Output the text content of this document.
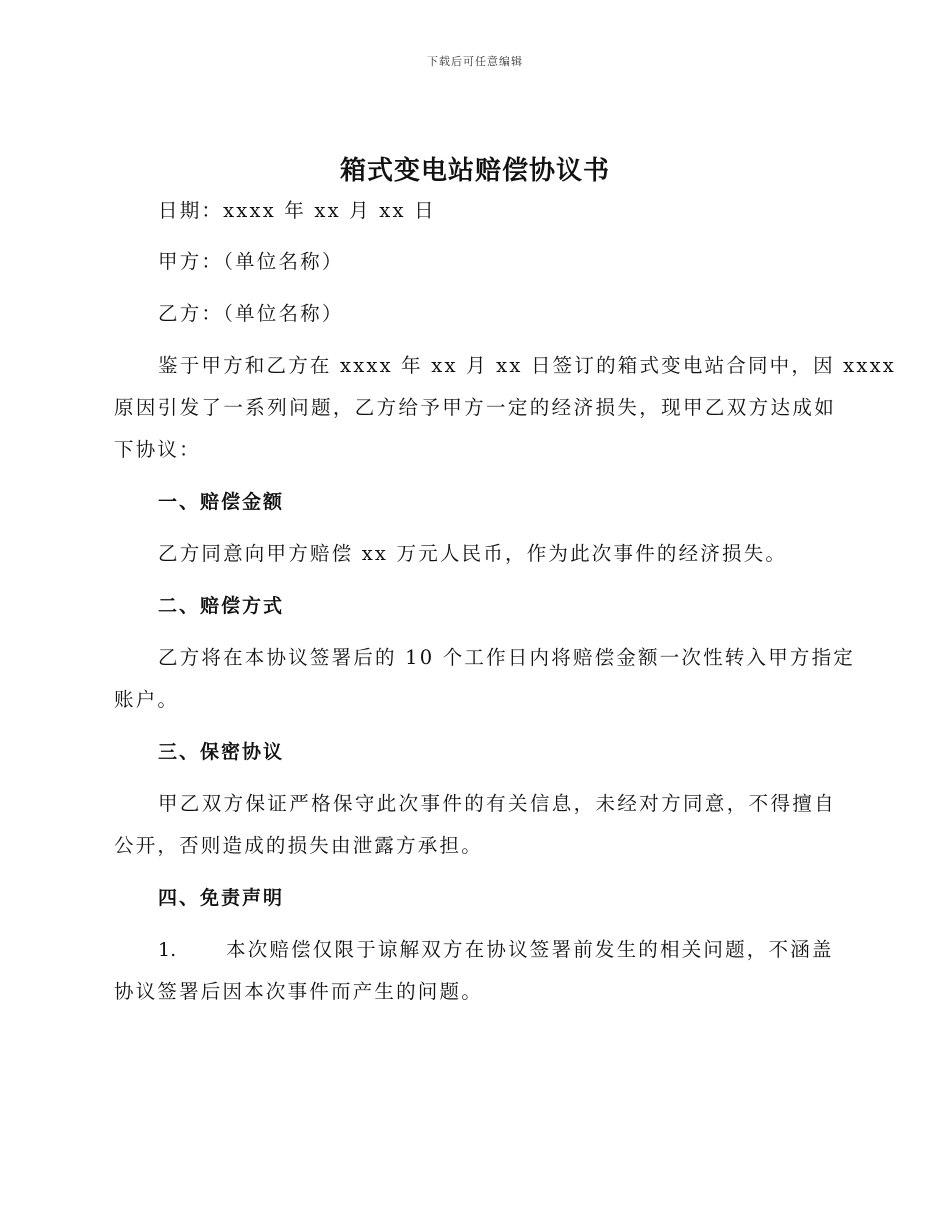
下载后可任意编辑
箱式变电站赔偿协议书
日期：xxxx 年 xx 月 xx 日
甲方：（单位名称）
乙方：（单位名称）
鉴于甲方和乙方在 xxxx 年 xx 月 xx 日签订的箱式变电站合同中，因 xxxx
原因引发了一系列问题，乙方给予甲方一定的经济损失，现甲乙双方达成如
下协议：
一、赔偿金额
乙方同意向甲方赔偿 xx 万元人民币，作为此次事件的经济损失。
二、赔偿方式
乙方将在本协议签署后的 10 个工作日内将赔偿金额一次性转入甲方指定
账户。
三、保密协议
甲乙双方保证严格保守此次事件的有关信息，未经对方同意，不得擅自
公开，否则造成的损失由泄露方承担。
四、免责声明
1.	本次赔偿仅限于谅解双方在协议签署前发生的相关问题，不涵盖
协议签署后因本次事件而产生的问题。
